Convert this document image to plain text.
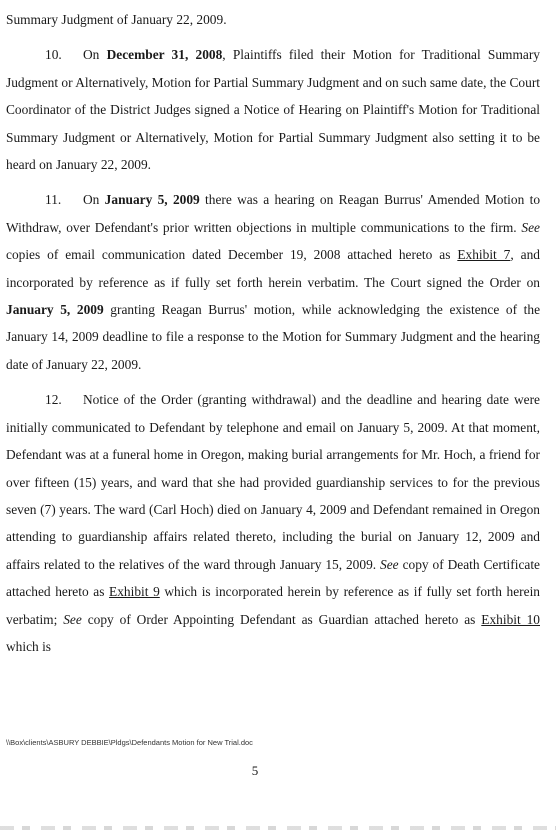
Summary Judgment of January 22, 2009.

10. On December 31, 2008, Plaintiffs filed their Motion for Traditional Summary Judgment or Alternatively, Motion for Partial Summary Judgment and on such same date, the Court Coordinator of the District Judges signed a Notice of Hearing on Plaintiff's Motion for Traditional Summary Judgment or Alternatively, Motion for Partial Summary Judgment also setting it to be heard on January 22, 2009.

11. On January 5, 2009 there was a hearing on Reagan Burrus' Amended Motion to Withdraw, over Defendant's prior written objections in multiple communications to the firm. See copies of email communication dated December 19, 2008 attached hereto as Exhibit 7, and incorporated by reference as if fully set forth herein verbatim. The Court signed the Order on January 5, 2009 granting Reagan Burrus' motion, while acknowledging the existence of the January 14, 2009 deadline to file a response to the Motion for Summary Judgment and the hearing date of January 22, 2009.

12. Notice of the Order (granting withdrawal) and the deadline and hearing date were initially communicated to Defendant by telephone and email on January 5, 2009. At that moment, Defendant was at a funeral home in Oregon, making burial arrangements for Mr. Hoch, a friend for over fifteen (15) years, and ward that she had provided guardianship services to for the previous seven (7) years. The ward (Carl Hoch) died on January 4, 2009 and Defendant remained in Oregon attending to guardianship affairs related thereto, including the burial on January 12, 2009 and affairs related to the relatives of the ward through January 15, 2009. See copy of Death Certificate attached hereto as Exhibit 9 which is incorporated herein by reference as if fully set forth herein verbatim; See copy of Order Appointing Defendant as Guardian attached hereto as Exhibit 10 which is

\\Box\clients\ASBURY DEBBIE\Pldgs\Defendants Motion for New Trial.doc
5
